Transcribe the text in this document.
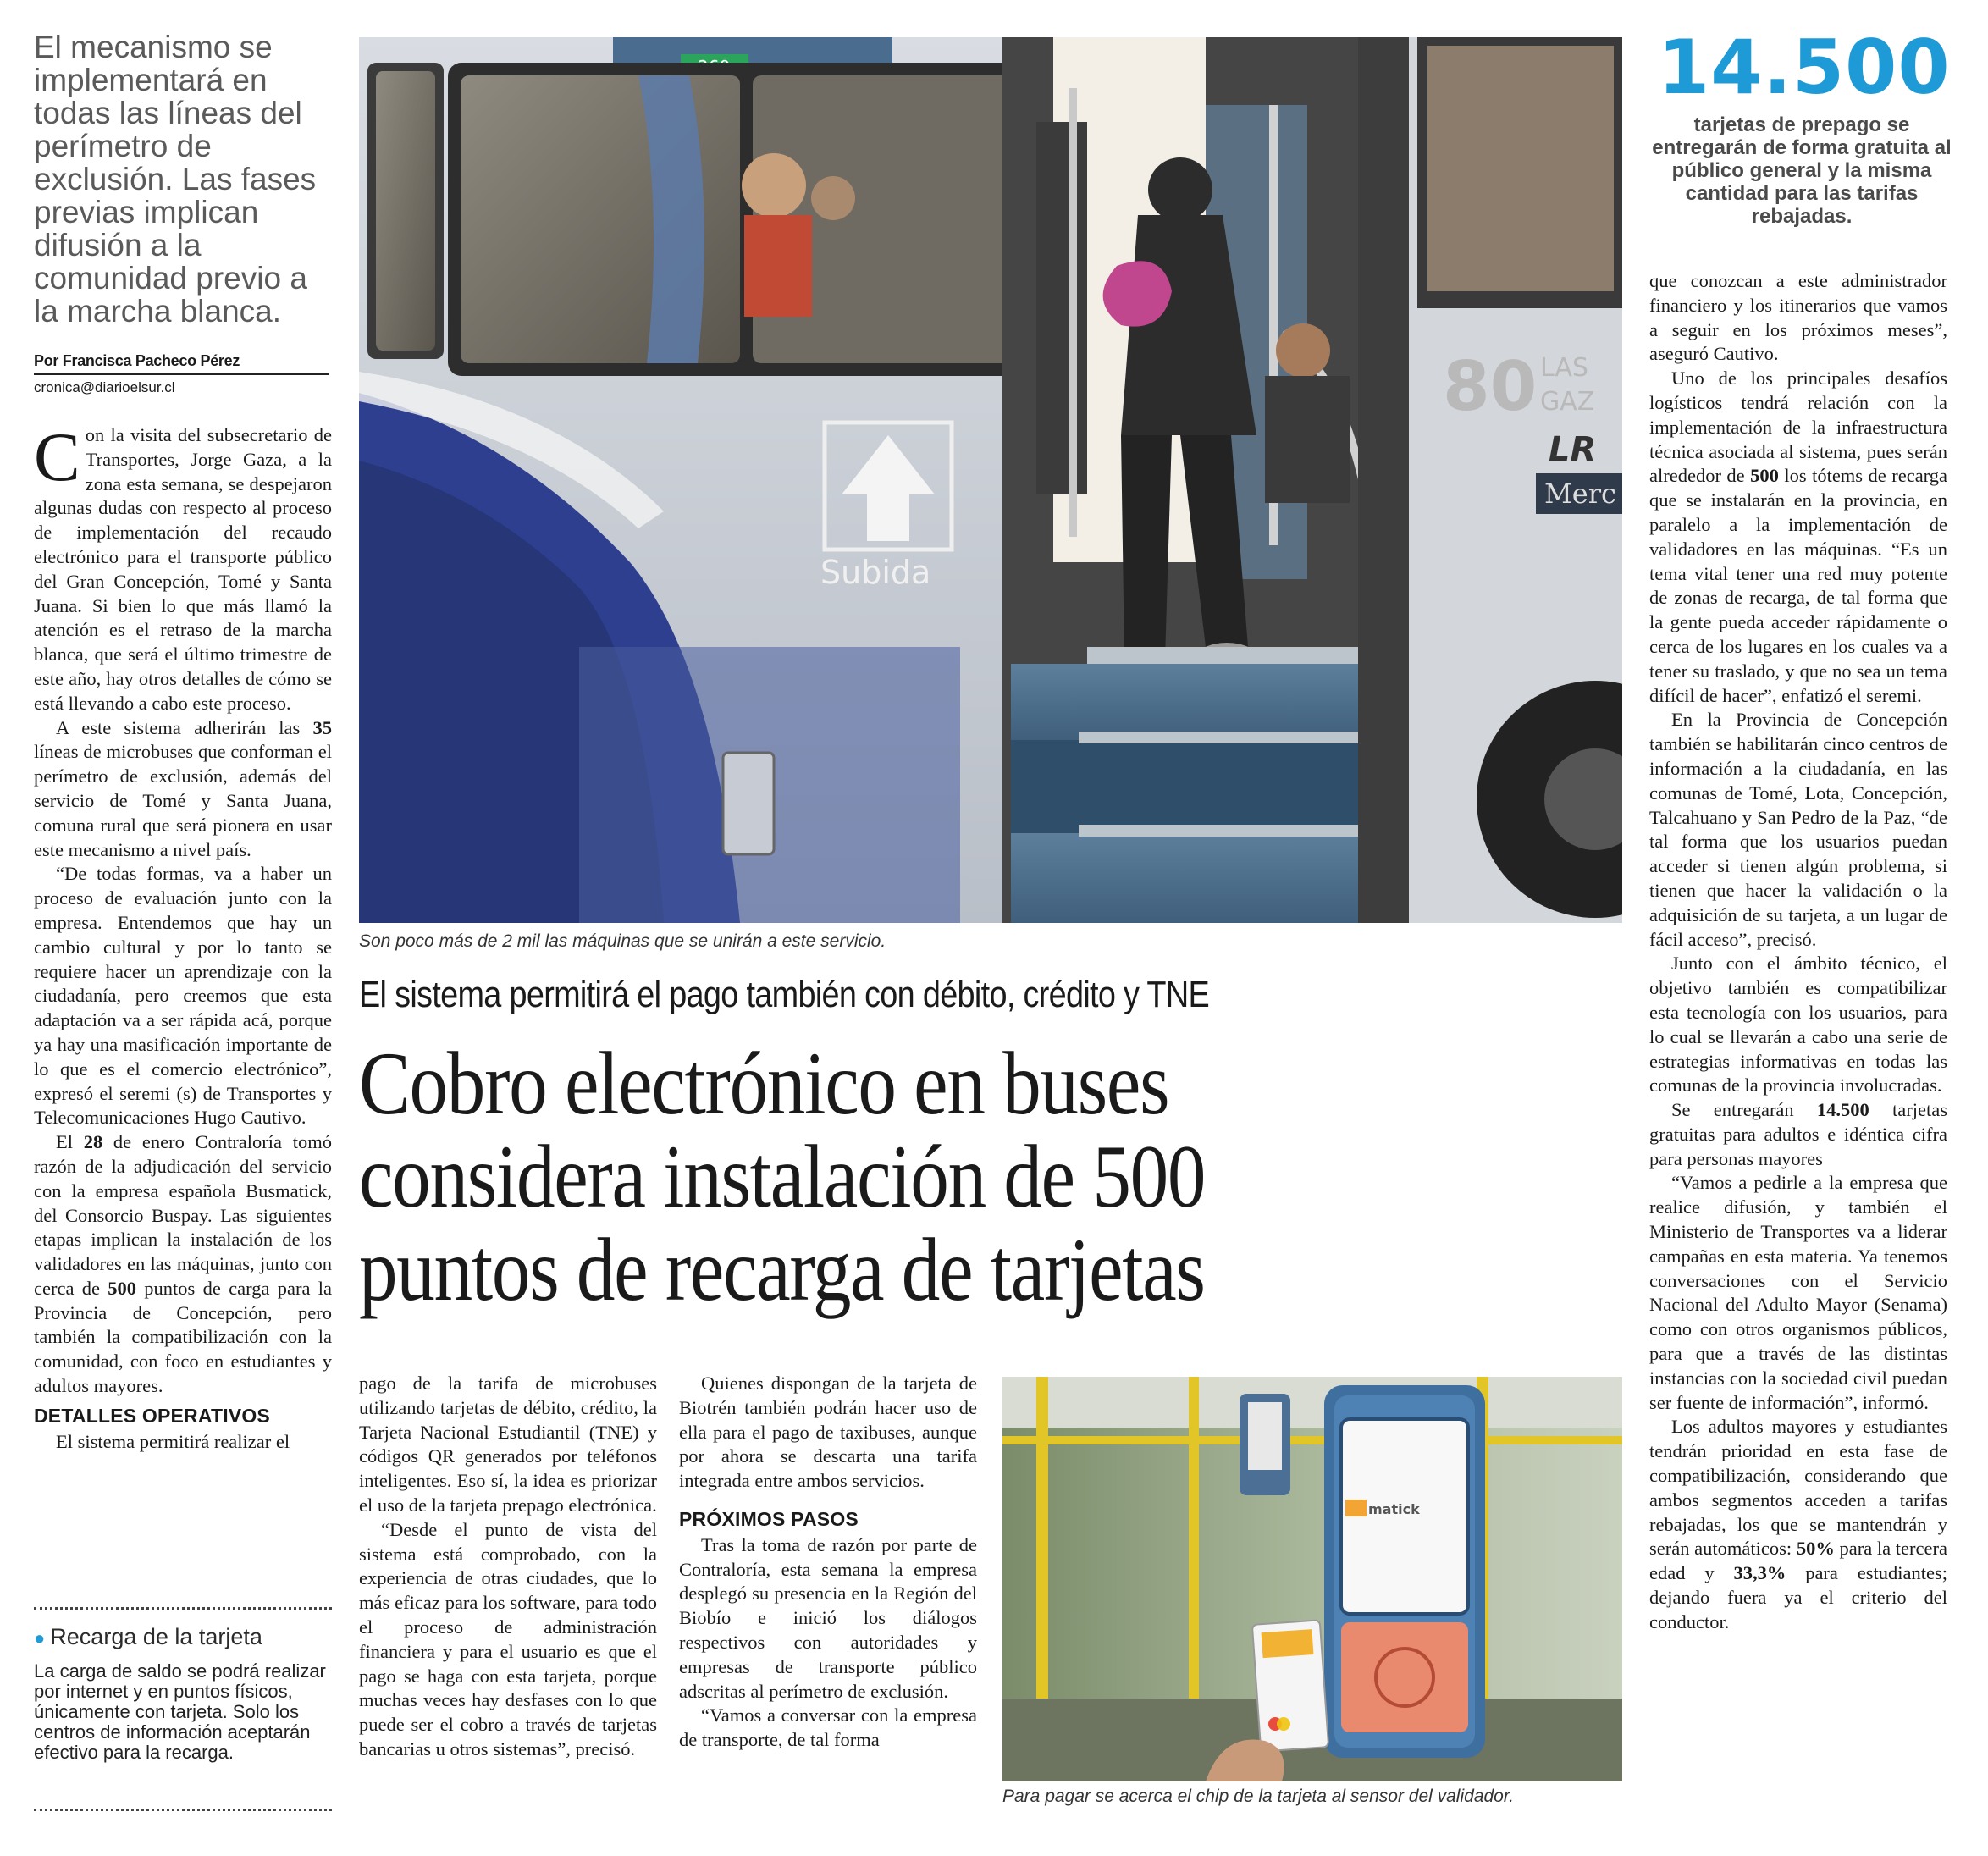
El mecanismo se implementará en todas las líneas del perímetro de exclusión. Las fases previas implican difusión a la comunidad previo a la marcha blanca.
Por Francisca Pacheco Pérez
cronica@diarioelsur.cl

Con la visita del subsecretario de Transportes, Jorge Gaza, a la zona esta semana, se despejaron algunas dudas con respecto al proceso de implementación del recaudo electrónico para el transporte público del Gran Concepción, Tomé y Santa Juana. Si bien lo que más llamó la atención es el retraso de la marcha blanca, que será el último trimestre de este año, hay otros detalles de cómo se está llevando a cabo este proceso.

A este sistema adherirán las 35 líneas de microbuses que conforman el perímetro de exclusión, además del servicio de Tomé y Santa Juana, comuna rural que será pionera en usar este mecanismo a nivel país.

“De todas formas, va a haber un proceso de evaluación junto con la empresa. Entendemos que hay un cambio cultural y por lo tanto se requiere hacer un aprendizaje con la ciudadanía, pero creemos que esta adaptación va a ser rápida acá, porque ya hay una masificación importante de lo que es el comercio electrónico”, expresó el seremi (s) de Transportes y Telecomunicaciones Hugo Cautivo.

El 28 de enero Contraloría tomó razón de la adjudicación del servicio con la empresa española Busmatick, del Consorcio Buspay. Las siguientes etapas implican la instalación de los validadores en las máquinas, junto con cerca de 500 puntos de carga para la Provincia de Concepción, pero también la compatibilización con la comunidad, con foco en estudiantes y adultos mayores.

DETALLES OPERATIVOS

El sistema permitirá realizar el

● Recarga de la tarjeta
La carga de saldo se podrá realizar por internet y en puntos físicos, únicamente con tarjeta. Solo los centros de información aceptarán efectivo para la recarga.
Subida
80 LAS
GAZ
LR
Merc
Son poco más de 2 mil las máquinas que se unirán a este servicio.
El sistema permitirá el pago también con débito, crédito y TNE
Cobro electrónico en buses
considera instalación de 500
puntos de recarga de tarjetas

pago de la tarifa de microbuses utilizando tarjetas de débito, crédito, la Tarjeta Nacional Estudiantil (TNE) y códigos QR generados por teléfonos inteligentes. Eso sí, la idea es priorizar el uso de la tarjeta prepago electrónica.

“Desde el punto de vista del sistema está comprobado, con la experiencia de otras ciudades, que lo más eficaz para los software, para todo el proceso de administración financiera y para el usuario es que el pago se haga con esta tarjeta, porque muchas veces hay desfases con lo que puede ser el cobro a través de tarjetas bancarias u otros sistemas”, precisó.

Quienes dispongan de la tarjeta de Biotrén también podrán hacer uso de ella para el pago de taxibuses, aunque por ahora se descarta una tarifa integrada entre ambos servicios.

PRÓXIMOS PASOS

Tras la toma de razón por parte de Contraloría, esta semana la empresa desplegó su presencia en la Región del Biobío e inició los diálogos respectivos con autoridades y empresas de transporte público adscritas al perímetro de exclusión.

“Vamos a conversar con la empresa de transporte, de tal forma

matick
Para pagar se acerca el chip de la tarjeta al sensor del validador.
14.500
tarjetas de prepago se entregarán de forma gratuita al público general y la misma cantidad para las tarifas rebajadas.

que conozcan a este administrador financiero y los itinerarios que vamos a seguir en los próximos meses”, aseguró Cautivo.

Uno de los principales desafíos logísticos tendrá relación con la implementación de la infraestructura técnica asociada al sistema, pues serán alrededor de 500 los tótems de recarga que se instalarán en la provincia, en paralelo a la implementación de validadores en las máquinas. “Es un tema vital tener una red muy potente de zonas de recarga, de tal forma que la gente pueda acceder rápidamente o cerca de los lugares en los cuales va a tener su traslado, y que no sea un tema difícil de hacer”, enfatizó el seremi.

En la Provincia de Concepción también se habilitarán cinco centros de información a la ciudadanía, en las comunas de Tomé, Lota, Concepción, Talcahuano y San Pedro de la Paz, “de tal forma que los usuarios puedan acceder si tienen algún problema, si tienen que hacer la validación o la adquisición de su tarjeta, a un lugar de fácil acceso”, precisó.

Junto con el ámbito técnico, el objetivo también es compatibilizar esta tecnología con los usuarios, para lo cual se llevarán a cabo una serie de estrategias informativas en todas las comunas de la provincia involucradas.

Se entregarán 14.500 tarjetas gratuitas para adultos e idéntica cifra para personas mayores

“Vamos a pedirle a la empresa que realice difusión, y también el Ministerio de Transportes va a liderar campañas en esta materia. Ya tenemos conversaciones con el Servicio Nacional del Adulto Mayor (Senama) como con otros organismos públicos, para que a través de las distintas instancias con la sociedad civil puedan ser fuente de información”, informó.

Los adultos mayores y estudiantes tendrán prioridad en esta fase de compatibilización, considerando que ambos segmentos acceden a tarifas rebajadas, los que se mantendrán y serán automáticos: 50% para la tercera edad y 33,3% para estudiantes; dejando fuera ya el criterio del conductor.
